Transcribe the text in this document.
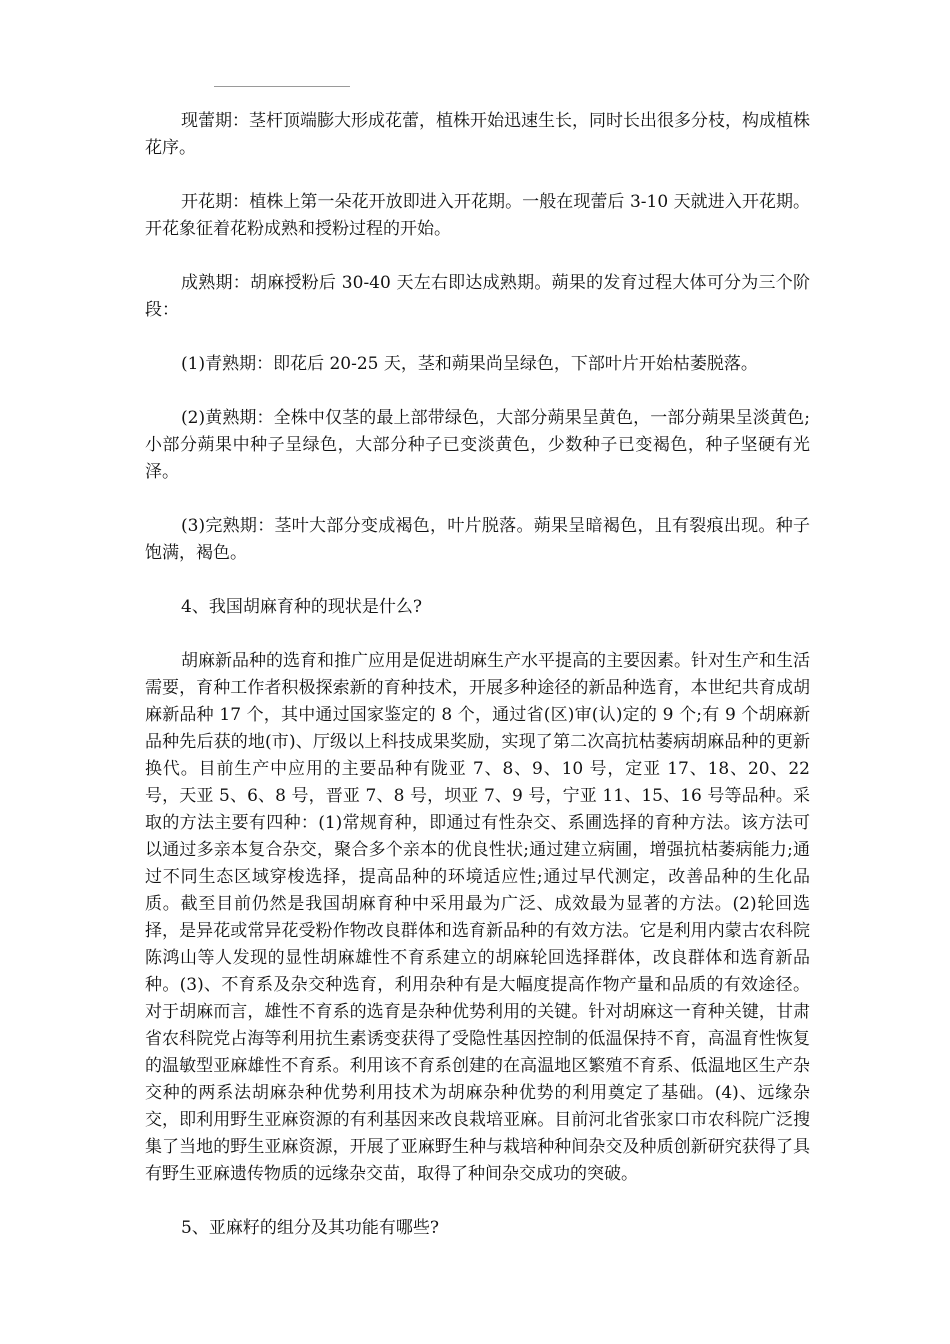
现蕾期：茎杆顶端膨大形成花蕾，植株开始迅速生长，同时长出很多分枝，构成植株花序。

开花期：植株上第一朵花开放即进入开花期。一般在现蕾后 3-10 天就进入开花期。开花象征着花粉成熟和授粉过程的开始。

成熟期：胡麻授粉后 30-40 天左右即达成熟期。蒴果的发育过程大体可分为三个阶段：

(1)青熟期：即花后 20-25 天，茎和蒴果尚呈绿色，下部叶片开始枯萎脱落。

(2)黄熟期：全株中仅茎的最上部带绿色，大部分蒴果呈黄色，一部分蒴果呈淡黄色;小部分蒴果中种子呈绿色，大部分种子已变淡黄色，少数种子已变褐色，种子坚硬有光泽。

(3)完熟期：茎叶大部分变成褐色，叶片脱落。蒴果呈暗褐色，且有裂痕出现。种子饱满，褐色。

4、我国胡麻育种的现状是什么?

胡麻新品种的选育和推广应用是促进胡麻生产水平提高的主要因素。针对生产和生活需要，育种工作者积极探索新的育种技术，开展多种途径的新品种选育，本世纪共育成胡麻新品种 17 个，其中通过国家鉴定的 8 个，通过省(区)审(认)定的 9 个;有 9 个胡麻新品种先后获的地(市)、厅级以上科技成果奖励，实现了第二次高抗枯萎病胡麻品种的更新换代。目前生产中应用的主要品种有陇亚 7、8、9、10 号，定亚 17、18、20、22 号，天亚 5、6、8 号，晋亚 7、8 号，坝亚 7、9 号，宁亚 11、15、16 号等品种。采取的方法主要有四种：(1)常规育种，即通过有性杂交、系圃选择的育种方法。该方法可以通过多亲本复合杂交，聚合多个亲本的优良性状;通过建立病圃，增强抗枯萎病能力;通过不同生态区域穿梭选择，提高品种的环境适应性;通过早代测定，改善品种的生化品质。截至目前仍然是我国胡麻育种中采用最为广泛、成效最为显著的方法。(2)轮回选择，是异花或常异花受粉作物改良群体和选育新品种的有效方法。它是利用内蒙古农科院陈鸿山等人发现的显性胡麻雄性不育系建立的胡麻轮回选择群体，改良群体和选育新品种。(3)、不育系及杂交种选育，利用杂种有是大幅度提高作物产量和品质的有效途径。对于胡麻而言，雄性不育系的选育是杂种优势利用的关键。针对胡麻这一育种关键，甘肃省农科院党占海等利用抗生素诱变获得了受隐性基因控制的低温保持不育，高温育性恢复的温敏型亚麻雄性不育系。利用该不育系创建的在高温地区繁殖不育系、低温地区生产杂交种的两系法胡麻杂种优势利用技术为胡麻杂种优势的利用奠定了基础。(4)、远缘杂交，即利用野生亚麻资源的有利基因来改良栽培亚麻。目前河北省张家口市农科院广泛搜集了当地的野生亚麻资源，开展了亚麻野生种与栽培种种间杂交及种质创新研究获得了具有野生亚麻遗传物质的远缘杂交苗，取得了种间杂交成功的突破。

5、亚麻籽的组分及其功能有哪些?
